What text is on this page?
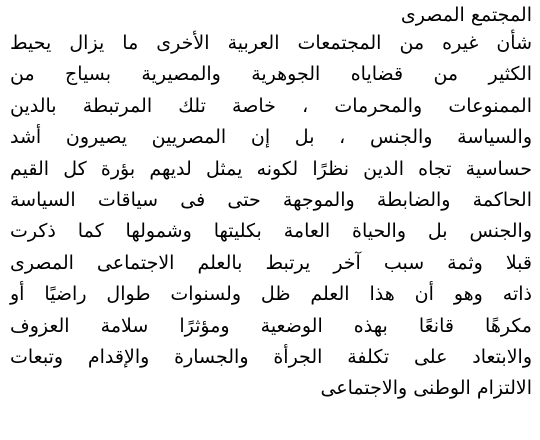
المجتمع المصرى

شأن غيره من المجتمعات العربية الأخرى ما يزال يحيط

الكثير من قضاياه الجوهرية والمصيرية بسياج من

الممنوعات والمحرمات ، خاصة تلك المرتبطة بالدين

والسياسة والجنس ، بل إن المصريين يصيرون أشد

حساسية تجاه الدين نظرًا لكونه يمثل لديهم بؤرة كل القيم

الحاكمة والضابطة والموجهة حتى فى سياقات السياسة

والجنس بل والحياة العامة بكليتها وشمولها كما ذكرت

قبلا وثمة سبب آخر يرتبط بالعلم الاجتماعى المصرى

ذاته وهو أن هذا العلم ظل ولسنوات طوال راضيًا أو

مكرهًا قانعًا بهذه الوضعية ومؤثرًا سلامة العزوف

والابتعاد على تكلفة الجرأة والجسارة والإقدام وتبعات

الالتزام الوطنى والاجتماعى
